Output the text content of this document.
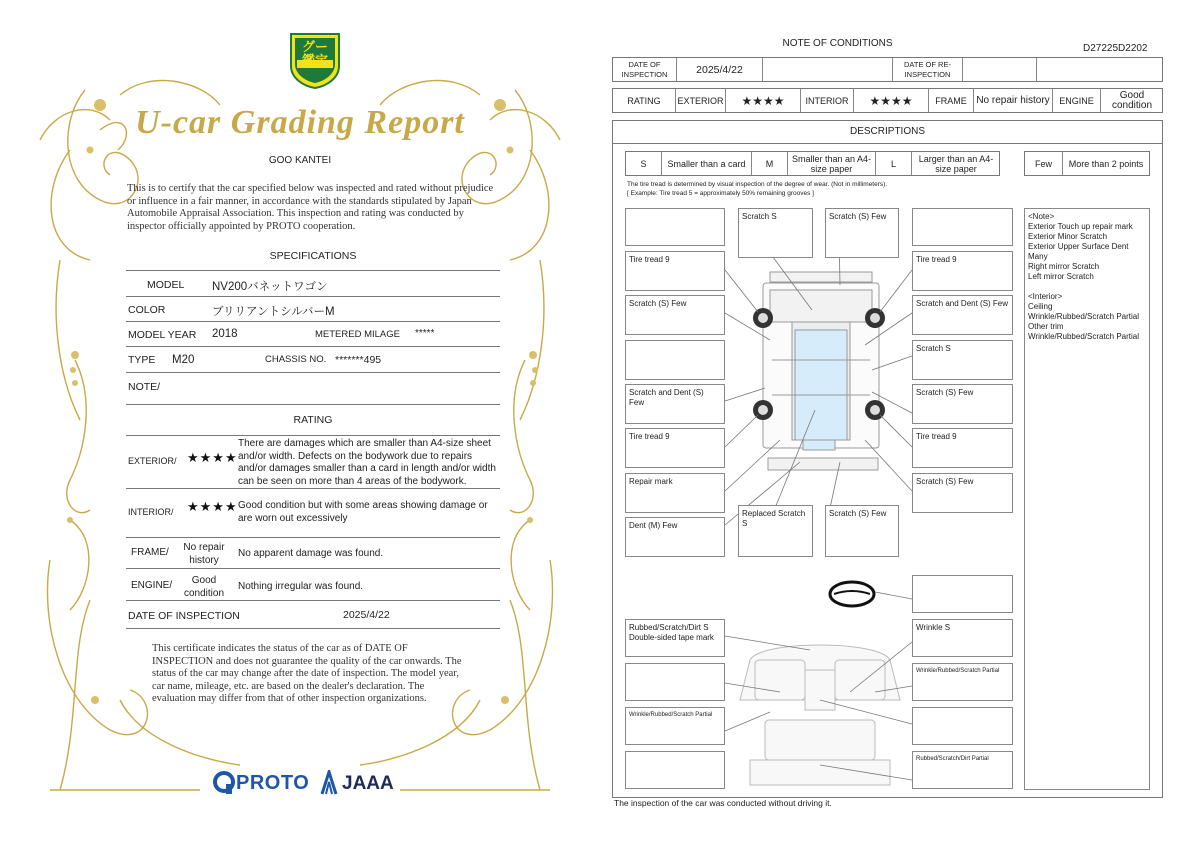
グー 鑑定
U-car Grading Report
GOO KANTEI
This is to certify that the car specified below was inspected and rated without prejudice or influence in a fair manner, in accordance with the standards stipulated by Japan Automobile Appraisal Association. This inspection and rating was conducted by inspector officially appointed by PROTO cooperation.
SPECIFICATIONS
MODEL NV200バネットワゴン
COLOR	ブリリアントシルバーM
MODEL YEAR 2018	METERED MILAGE *****
TYPE M20	CHASSIS NO. *******495
NOTE/
RATING
EXTERIOR/ ★★★★
There are damages which are smaller than A4-size sheet and/or width. Defects on the bodywork due to repairs and/or damages smaller than a card in length and/or width can be seen on more than 4 areas of the bodywork.
INTERIOR/ ★★★★ Good condition but with some areas showing damage or are worn out excessively
FRAME/	No repair history
No apparent damage was found.
ENGINE/	Good condition
Nothing irregular was found.
DATE OF INSPECTION	2025/4/22
This certificate indicates the status of the car as of DATE OF INSPECTION and does not guarantee the quality of the car onwards. The status of the car may change after the date of inspection. The model year, car name, mileage, etc. are based on the dealer's declaration. The evaluation may differ from that of other inspection organizations.
PROTO JAAA
NOTE OF CONDITIONS	D27225D2202
DATE OF INSPECTION	2025/4/22	DATE OF RE-INSPECTION
RATING	EXTERIOR	★★★★	INTERIOR	★★★★	FRAME No repair history	ENGINE	Good condition
DESCRIPTIONS
S	Smaller than a card	M	Smaller than an A4-size paper	L	Larger than an A4-size paper	Few	More than 2 points
The tire tread is determined by visual inspection of the degree of wear. (Not in millimeters).
[ Example: Tire tread 5 = approximately 50% remaining grooves ]
Scratch S	Scratch (S) Few
Tire tread 9
Scratch (S) Few
Scratch and Dent (S) Few
Tire tread 9
Repair mark
Dent (M) Few
Replaced Scratch S
Scratch (S) Few
Tire tread 9
Scratch and Dent (S) Few
Scratch S
Scratch (S) Few
Tire tread 9
Scratch (S) Few
Rubbed/Scratch/Dirt S Double-sided tape mark
Wrinkle S
Wrinkle/Rubbed/Scratch Partial
Wrinkle/Rubbed/Scratch Partial
Rubbed/Scratch/Dirt Partial
<Note>
Exterior Touch up repair mark
Exterior Minor Scratch
Exterior Upper Surface Dent Many
Right mirror Scratch
Left mirror Scratch

<Interior>
Ceiling
Wrinkle/Rubbed/Scratch Partial
Other trim
Wrinkle/Rubbed/Scratch Partial
The inspection of the car was conducted without driving it.
